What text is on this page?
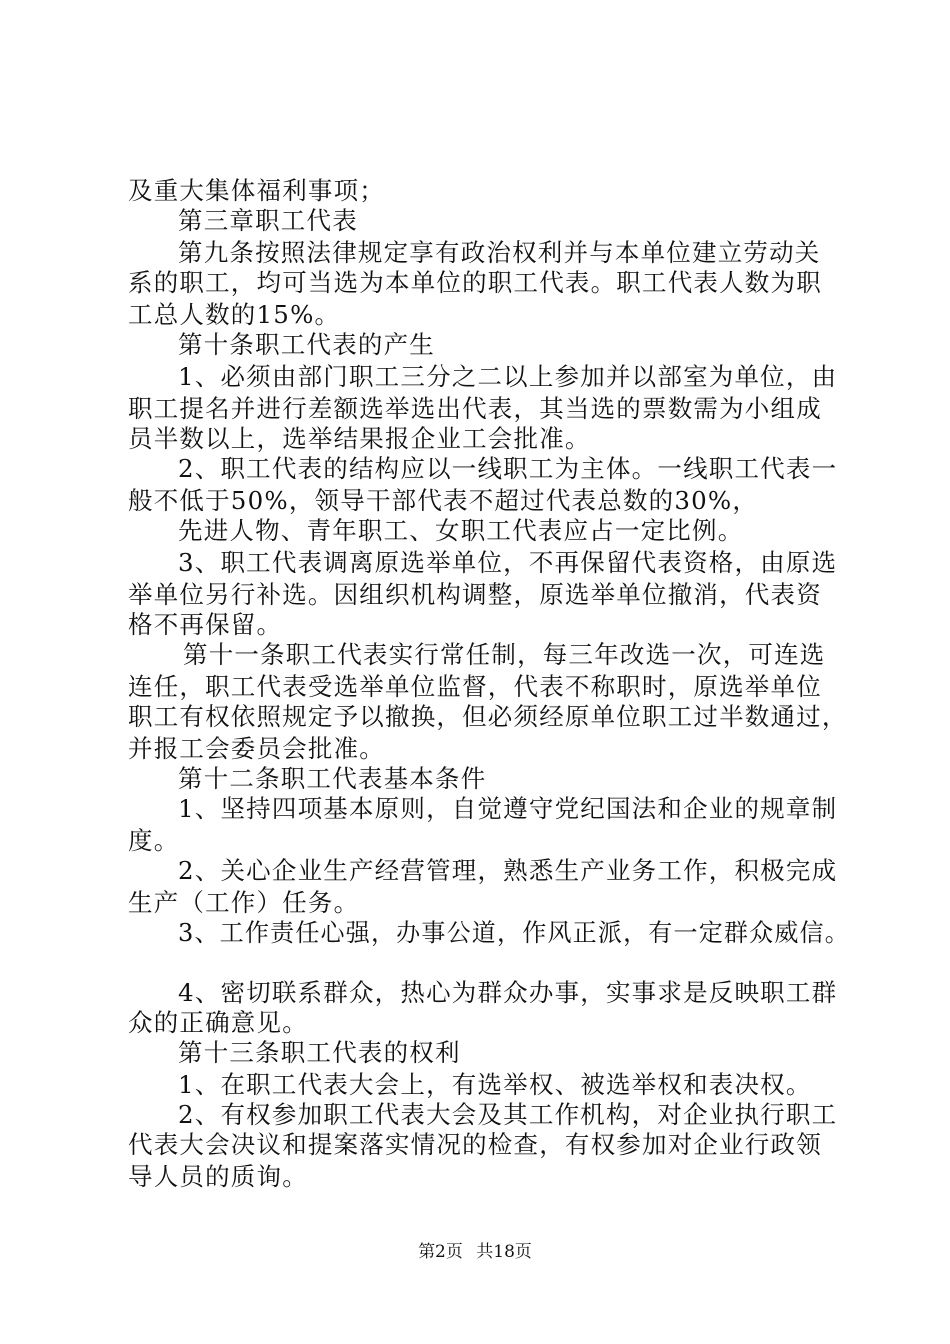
及重大集体福利事项；
第三章职工代表
第九条按照法律规定享有政治权利并与本单位建立劳动关
系的职工，均可当选为本单位的职工代表。职工代表人数为职
工总人数的15%。
第十条职工代表的产生
1、必须由部门职工三分之二以上参加并以部室为单位，由
职工提名并进行差额选举选出代表，其当选的票数需为小组成
员半数以上，选举结果报企业工会批准。
2、职工代表的结构应以一线职工为主体。一线职工代表一
般不低于50%，领导干部代表不超过代表总数的30%，
先进人物、青年职工、女职工代表应占一定比例。
3、职工代表调离原选举单位，不再保留代表资格，由原选
举单位另行补选。因组织机构调整，原选举单位撤消，代表资
格不再保留。
第十一条职工代表实行常任制，每三年改选一次，可连选
连任，职工代表受选举单位监督，代表不称职时，原选举单位
职工有权依照规定予以撤换，但必须经原单位职工过半数通过，
并报工会委员会批准。
第十二条职工代表基本条件
1、坚持四项基本原则，自觉遵守党纪国法和企业的规章制
度。
2、关心企业生产经营管理，熟悉生产业务工作，积极完成
生产（工作）任务。
3、工作责任心强，办事公道，作风正派，有一定群众威信。
4、密切联系群众，热心为群众办事，实事求是反映职工群
众的正确意见。
第十三条职工代表的权利
1、在职工代表大会上，有选举权、被选举权和表决权。
2、有权参加职工代表大会及其工作机构，对企业执行职工
代表大会决议和提案落实情况的检查，有权参加对企业行政领
导人员的质询。
第2页 共18页
